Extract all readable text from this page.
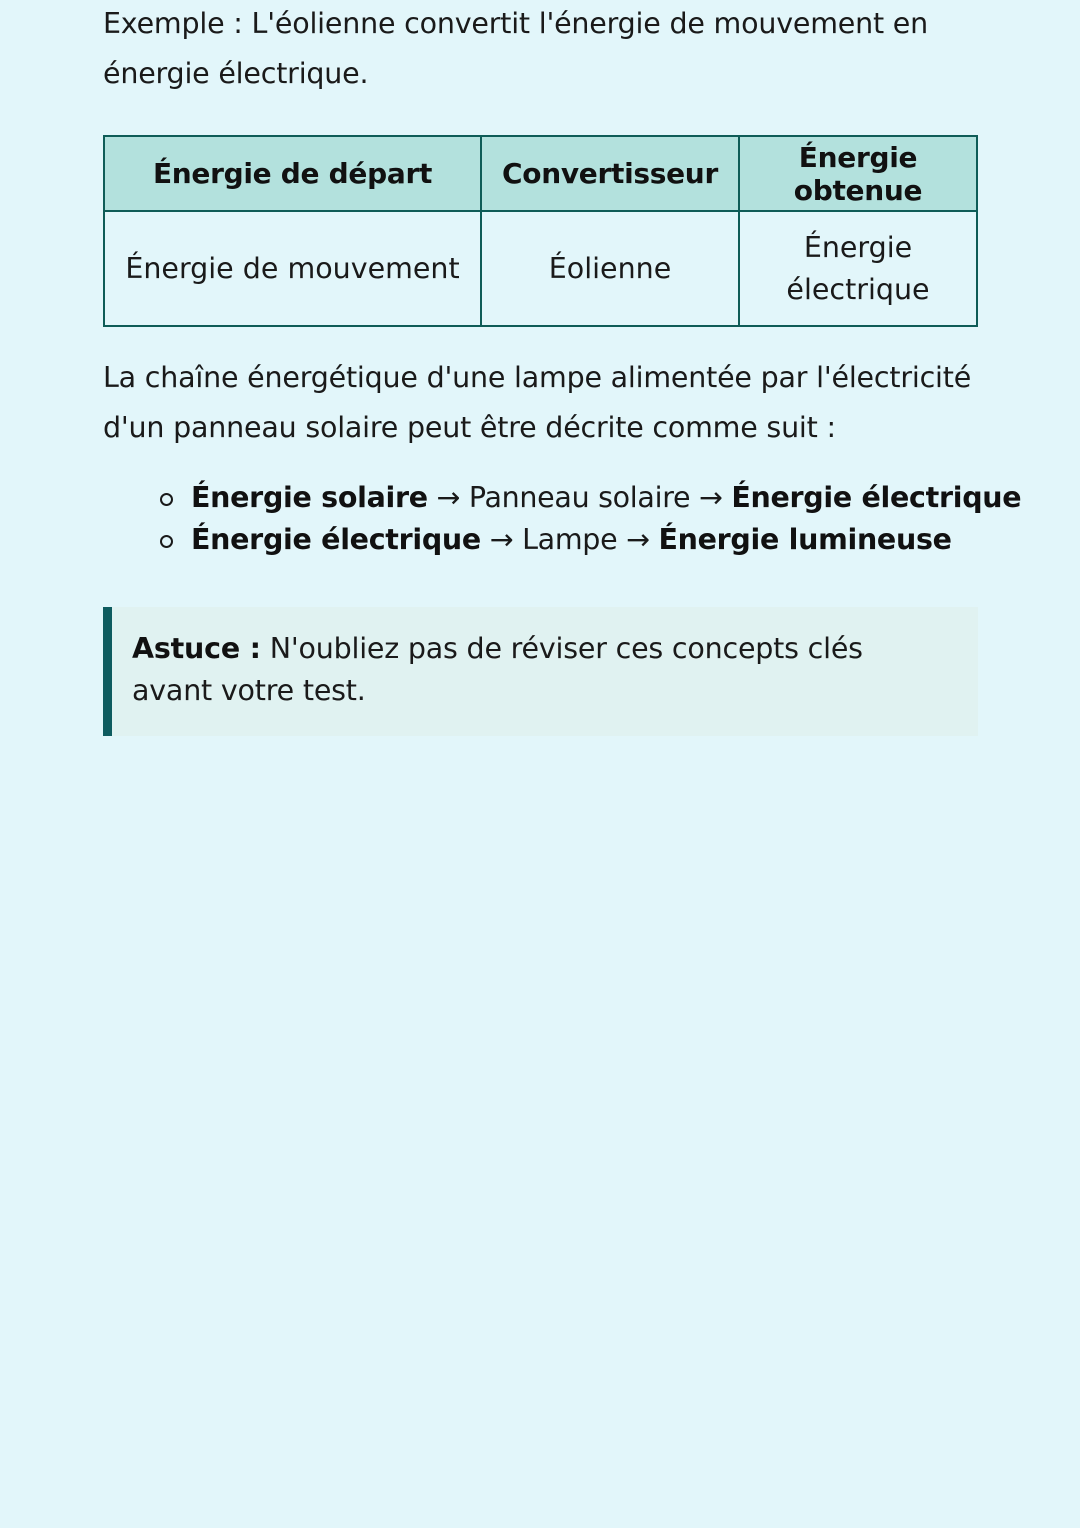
Exemple : L'éolienne convertit l'énergie de mouvement en énergie électrique.

Énergie de départ	Convertisseur	Énergie obtenue
Énergie de mouvement	Éolienne	Énergie électrique

La chaîne énergétique d'une lampe alimentée par l'électricité d'un panneau solaire peut être décrite comme suit :

Énergie solaire → Panneau solaire → Énergie électrique
Énergie électrique → Lampe → Énergie lumineuse
Astuce : N'oubliez pas de réviser ces concepts clés avant votre test.
